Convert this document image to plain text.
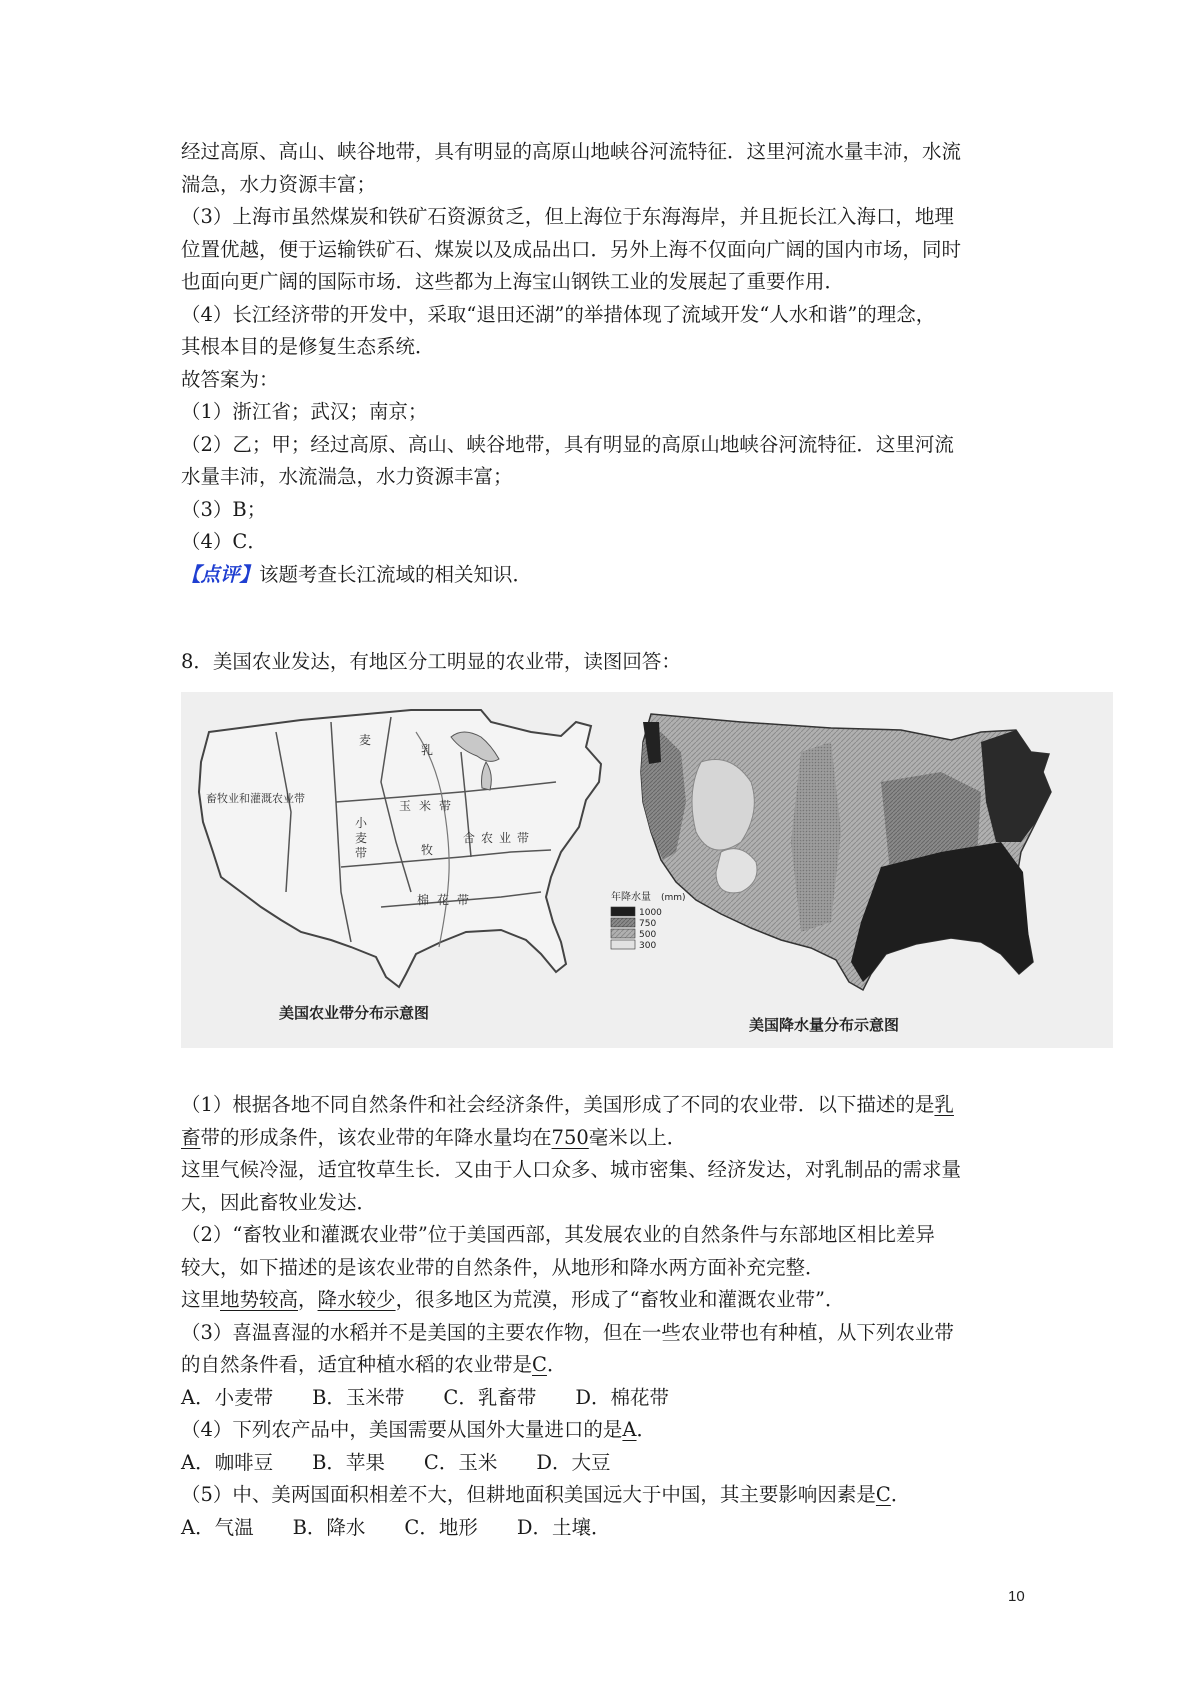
经过高原、高山、峡谷地带，具有明显的高原山地峡谷河流特征．这里河流水量丰沛，水流
湍急，水力资源丰富；
（3）上海市虽然煤炭和铁矿石资源贫乏，但上海位于东海海岸，并且扼长江入海口，地理
位置优越，便于运输铁矿石、煤炭以及成品出口．另外上海不仅面向广阔的国内市场，同时
也面向更广阔的国际市场．这些都为上海宝山钢铁工业的发展起了重要作用．
（4）长江经济带的开发中，采取“退田还湖”的举措体现了流域开发“人水和谐”的理念，
其根本目的是修复生态系统．
故答案为：
（1）浙江省；武汉；南京；
（2）乙；甲；经过高原、高山、峡谷地带，具有明显的高原山地峡谷河流特征．这里河流
水量丰沛，水流湍急，水力资源丰富；
（3）B；
（4）C．
【点评】该题考查长江流域的相关知识．
8．美国农业发达，有地区分工明显的农业带，读图回答：
畜牧业和灌溉农业带
麦
乳
玉 米 带
小
麦
带	牧
合 农 业 带
棉 花 带
美国农业带分布示意图
年降水量 (mm)
1000
750
500
300
美国降水量分布示意图
（1）根据各地不同自然条件和社会经济条件，美国形成了不同的农业带．以下描述的是乳
畜带的形成条件，该农业带的年降水量均在750毫米以上．
这里气候冷湿，适宜牧草生长．又由于人口众多、城市密集、经济发达，对乳制品的需求量
大，因此畜牧业发达．
（2）“畜牧业和灌溉农业带”位于美国西部，其发展农业的自然条件与东部地区相比差异
较大，如下描述的是该农业带的自然条件，从地形和降水两方面补充完整．
这里地势较高，降水较少，很多地区为荒漠，形成了“畜牧业和灌溉农业带”．
（3）喜温喜湿的水稻并不是美国的主要农作物，但在一些农业带也有种植，从下列农业带
的自然条件看，适宜种植水稻的农业带是C．
A．小麦带　　B．玉米带　　C．乳畜带　　D．棉花带
（4）下列农产品中，美国需要从国外大量进口的是A．
A．咖啡豆　　B．苹果　　C．玉米　　D．大豆
（5）中、美两国面积相差不大，但耕地面积美国远大于中国，其主要影响因素是C．
A．气温　　B．降水　　C．地形　　D．土壤．
10
